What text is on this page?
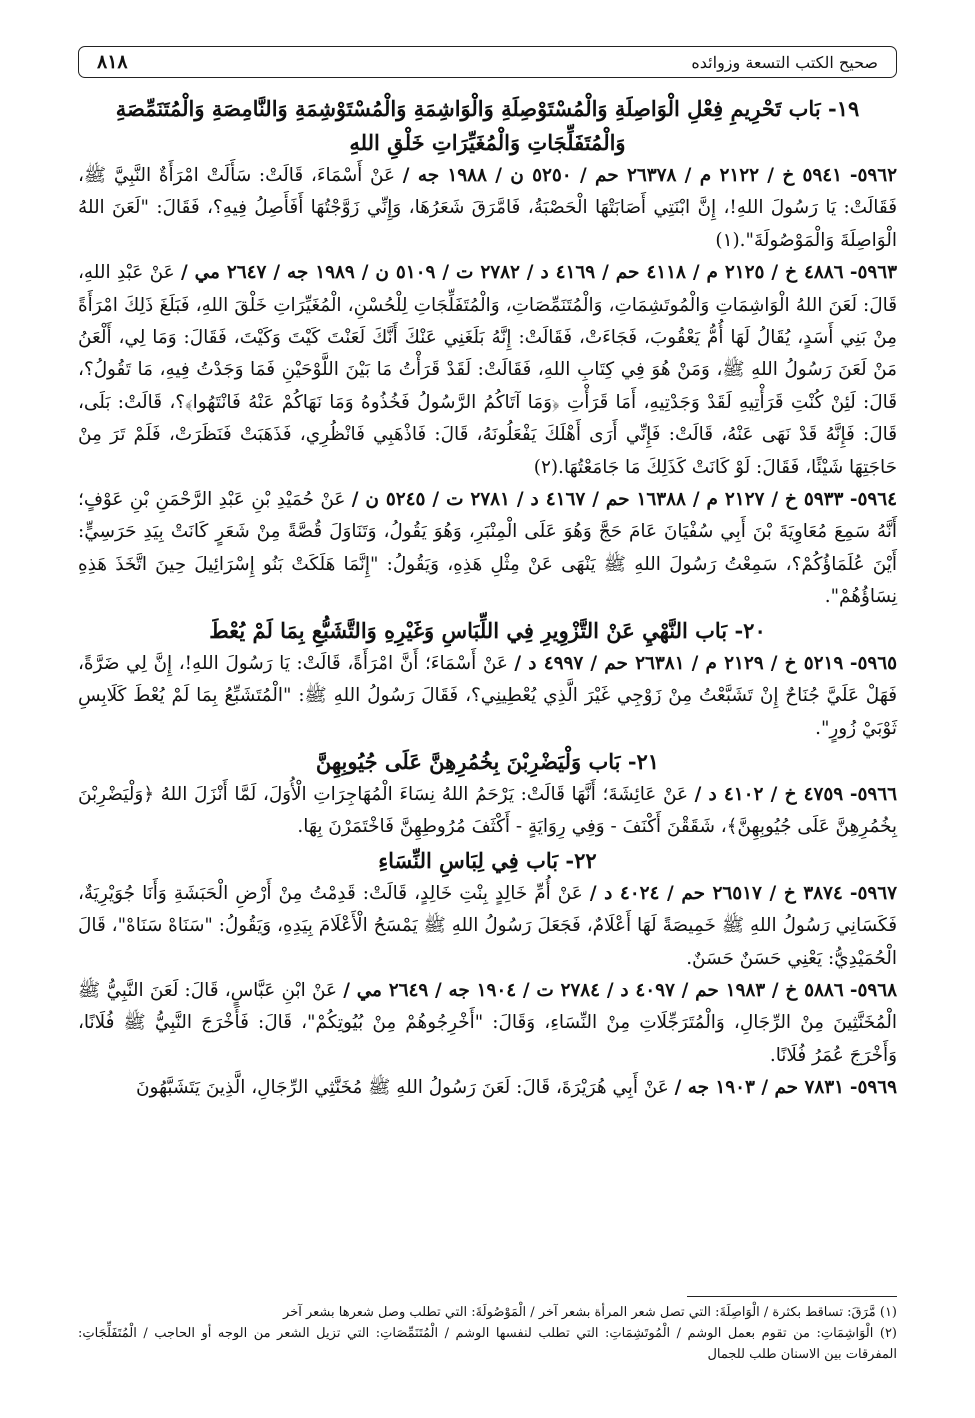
صحيح الكتب التسعة وزوائده
٨١٨
١٩- بَاب تَحْرِيمِ فِعْلِ الْوَاصِلَةِ وَالْمُسْتَوْصِلَةِ وَالْوَاشِمَةِ وَالْمُسْتَوْشِمَةِ وَالنَّامِصَةِ وَالْمُتَنَمِّصَةِ وَالْمُتَفَلِّجَاتِ وَالْمُغَيِّرَاتِ خَلْقِ اللهِ

٥٩٦٢- ٥٩٤١ خ / ٢١٢٢ م / ٢٦٣٧٨ حم / ٥٢٥٠ ن / ١٩٨٨ جه / عَنْ أَسْمَاءَ، قَالَتْ: سَأَلَتْ امْرَأَةٌ النَّبِيَّ ﷺ، فَقَالَتْ: يَا رَسُولَ اللهِ!، إِنَّ ابْنَتِي أَصَابَتْهَا الْحَصْبَةُ، فَامَّرَقَ شَعَرُهَا، وَإِنِّي زَوَّجْتُهَا أَفَأَصِلُ فِيهِ؟، فَقَالَ: "لَعَنَ اللهُ الْوَاصِلَةَ وَالْمَوْصُولَةَ".(١)

٥٩٦٣- ٤٨٨٦ خ / ٢١٢٥ م / ٤١١٨ حم / ٤١٦٩ د / ٢٧٨٢ ت / ٥١٠٩ ن / ١٩٨٩ جه / ٢٦٤٧ مي / عَنْ عَبْدِ اللهِ، قَالَ: لَعَنَ اللهُ الْوَاشِمَاتِ وَالْمُوتَشِمَاتِ، وَالْمُتَنَمِّصَاتِ، وَالْمُتَفَلِّجَاتِ لِلْحُسْنِ، الْمُغَيِّرَاتِ خَلْقَ اللهِ، فَبَلَغَ ذَلِكَ امْرَأَةً مِنْ بَنِي أَسَدٍ، يُقَالُ لَهَا أُمُّ يَعْقُوبَ، فَجَاءَتْ، فَقَالَتْ: إِنَّهُ بَلَغَنِي عَنْكَ أَنَّكَ لَعَنْتَ كَيْتَ وَكَيْتَ، فَقَالَ: وَمَا لِي، أَلْعَنُ مَنْ لَعَنَ رَسُولُ اللهِ ﷺ، وَمَنْ هُوَ فِي كِتَابِ اللهِ، فَقَالَتْ: لَقَدْ قَرَأْتُ مَا بَيْنَ اللَّوْحَيْنِ فَمَا وَجَدْتُ فِيهِ، مَا تَقُولُ؟، قَالَ: لَئِنْ كُنْتِ قَرَأْتِيهِ لَقَدْ وَجَدْتِيهِ، أَمَا قَرَأْتِ ﴿وَمَا آتَاكُمُ الرَّسُولُ فَخُذُوهُ وَمَا نَهَاكُمْ عَنْهُ فَانْتَهُوا﴾؟، قَالَتْ: بَلَى، قَالَ: فَإِنَّهُ قَدْ نَهَى عَنْهُ، قَالَتْ: فَإِنِّي أَرَى أَهْلَكَ يَفْعَلُونَهُ، قَالَ: فَاذْهَبِي فَانْظُرِي، فَذَهَبَتْ فَنَظَرَتْ، فَلَمْ تَرَ مِنْ حَاجَتِهَا شَيْئًا، فَقَالَ: لَوْ كَانَتْ كَذَلِكَ مَا جَامَعْتُهَا.(٢)

٥٩٦٤- ٥٩٣٣ خ / ٢١٢٧ م / ١٦٣٨٨ حم / ٤١٦٧ د / ٢٧٨١ ت / ٥٢٤٥ ن / عَنْ حُمَيْدِ بْنِ عَبْدِ الرَّحْمَنِ بْنِ عَوْفٍ؛ أَنَّهُ سَمِعَ مُعَاوِيَةَ بْنَ أَبِي سُفْيَانَ عَامَ حَجَّ وَهُوَ عَلَى الْمِنْبَرِ، وَهُوَ يَقُولُ، وَتَنَاوَلَ قُصَّةً مِنْ شَعَرٍ كَانَتْ بِيَدِ حَرَسِيٍّ: أَيْنَ عُلَمَاؤُكُمْ؟، سَمِعْتُ رَسُولَ اللهِ ﷺ يَنْهَى عَنْ مِثْلِ هَذِهِ، وَيَقُولُ: "إِنَّمَا هَلَكَتْ بَنُو إِسْرَائِيلَ حِينَ اتَّخَذَ هَذِهِ نِسَاؤُهُمْ".

٢٠- بَاب النَّهْيِ عَنْ التَّزْوِيرِ فِي اللِّبَاسِ وَغَيْرِهِ وَالتَّشَبُّعِ بِمَا لَمْ يُعْطَ

٥٩٦٥- ٥٢١٩ خ / ٢١٢٩ م / ٢٦٣٨١ حم / ٤٩٩٧ د / عَنْ أَسْمَاءَ؛ أَنَّ امْرَأَةً، قَالَتْ: يَا رَسُولَ اللهِ!، إِنَّ لِي ضَرَّةً، فَهَلْ عَلَيَّ جُنَاحٌ إِنْ تَشَبَّعْتُ مِنْ زَوْجِي غَيْرَ الَّذِي يُعْطِينِي؟، فَقَالَ رَسُولُ اللهِ ﷺ: "الْمُتَشَبِّعُ بِمَا لَمْ يُعْطَ كَلَابِسِ ثَوْبَيْ زُورٍ".

٢١- بَاب وَلْيَضْرِبْنَ بِخُمُرِهِنَّ عَلَى جُيُوبِهِنَّ

٥٩٦٦- ٤٧٥٩ خ / ٤١٠٢ د / عَنْ عَائِشَةَ؛ أَنَّهَا قَالَتْ: يَرْحَمُ اللهُ نِسَاءَ الْمُهَاجِرَاتِ الْأُوَلَ، لَمَّا أَنْزَلَ اللهُ ﴿وَلْيَضْرِبْنَ بِخُمُرِهِنَّ عَلَى جُيُوبِهِنَّ﴾، شَقَقْنَ أَكْنَفَ - وَفِي رِوَايَةٍ - أَكْثَفَ مُرُوطِهِنَّ فَاخْتَمَرْنَ بِهَا.

٢٢- بَاب فِي لِبَاسِ النِّسَاءِ

٥٩٦٧- ٣٨٧٤ خ / ٢٦٥١٧ حم / ٤٠٢٤ د / عَنْ أُمِّ خَالِدٍ بِنْتِ خَالِدٍ، قَالَتْ: قَدِمْتُ مِنْ أَرْضِ الْحَبَشَةِ وَأَنَا جُوَيْرِيَةٌ، فَكَسَانِي رَسُولُ اللهِ ﷺ خَمِيصَةً لَهَا أَعْلَامٌ، فَجَعَلَ رَسُولُ اللهِ ﷺ يَمْسَحُ الْأَعْلَامَ بِيَدِهِ، وَيَقُولُ: "سَنَاهْ سَنَاهْ"، قَالَ الْحُمَيْدِيُّ: يَعْنِي حَسَنٌ حَسَنٌ.

٥٩٦٨- ٥٨٨٦ خ / ١٩٨٣ حم / ٤٠٩٧ د / ٢٧٨٤ ت / ١٩٠٤ جه / ٢٦٤٩ مي / عَنْ ابْنِ عَبَّاسٍ، قَالَ: لَعَنَ النَّبِيُّ ﷺ الْمُخَنَّثِينَ مِنْ الرِّجَالِ، وَالْمُتَرَجِّلَاتِ مِنْ النِّسَاءِ، وَقَالَ: "أَخْرِجُوهُمْ مِنْ بُيُوتِكُمْ"، قَالَ: فَأَخْرَجَ النَّبِيُّ ﷺ فُلَانًا، وَأَخْرَجَ عُمَرُ فُلَانًا.

٥٩٦٩- ٧٨٣١ حم / ١٩٠٣ جه / عَنْ أَبِي هُرَيْرَةَ، قَالَ: لَعَنَ رَسُولُ اللهِ ﷺ مُخَنَّثِي الرِّجَالِ، الَّذِينَ يَتَشَبَّهُونَ

(١) مَّرَقَ: تساقط بكثرة / الْوَاصِلَةَ: التي تصل شعر المرأة بشعر آخر / الْمَوْصُولَةَ: التي تطلب وصل شعرها بشعر آخر

(٢) الْوَاشِمَاتِ: من تقوم بعمل الوشم / الْمُوتَشِمَاتِ: التي تطلب لنفسها الوشم / الْمُتَنَمِّصَاتِ: التي تزيل الشعر من الوجه أو الحاجب / الْمُتَفَلِّجَاتِ: المفرقات بين الاسنان طلب للجمال
